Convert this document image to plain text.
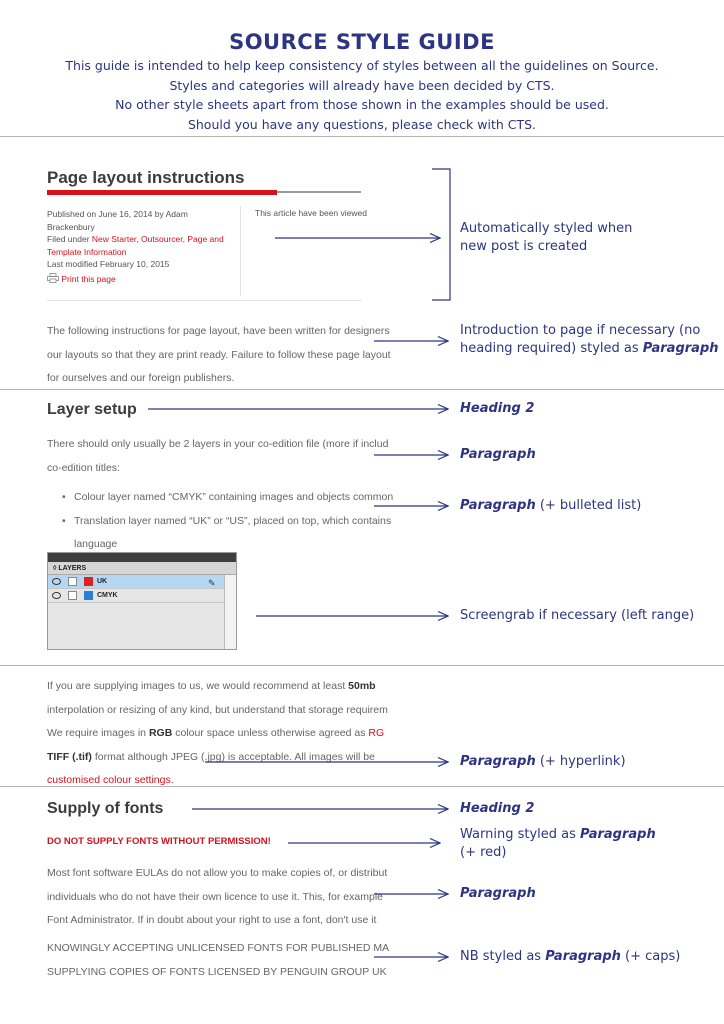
SOURCE STYLE GUIDE
This guide is intended to help keep consistency of styles between all the guidelines on Source.
Styles and categories will already have been decided by CTS.
No other style sheets apart from those shown in the examples should be used.
Should you have any questions, please check with CTS.
Page layout instructions
Published on June 16, 2014 by Adam Brackenbury
Filed under New Starter, Outsourcer, Page and Template Information
Last modified February 10, 2015
Print this page
This article have been viewed
The following instructions for page layout, have been written for designers
our layouts so that they are print ready. Failure to follow these page layout
for ourselves and our foreign publishers.
Layer setup
There should only usually be 2 layers in your co-edition file (more if includ
co-edition titles:
• Colour layer named “CMYK” containing images and objects common
• Translation layer named “UK” or “US”, placed on top, which contains
language
◊ LAYERS
UK
CMYK
✎
If you are supplying images to us, we would recommend at least 50mb
interpolation or resizing of any kind, but understand that storage requirem
We require images in RGB colour space unless otherwise agreed as RG
TIFF (.tif) format although JPEG (.jpg) is acceptable. All images will be
customised colour settings.
Supply of fonts
DO NOT SUPPLY FONTS WITHOUT PERMISSION!
Most font software EULAs do not allow you to make copies of, or distribut
individuals who do not have their own licence to use it. This, for example
Font Administrator. If in doubt about your right to use a font, don't use it
KNOWINGLY ACCEPTING UNLICENSED FONTS FOR PUBLISHED MA
SUPPLYING COPIES OF FONTS LICENSED BY PENGUIN GROUP UK
Automatically styled when
new post is created
Introduction to page if necessary (no
heading required) styled as Paragraph
Heading 2
Paragraph
Paragraph (+ bulleted list)
Screengrab if necessary (left range)
Paragraph (+ hyperlink)
Heading 2
Warning styled as Paragraph
(+ red)
Paragraph
NB styled as Paragraph (+ caps)
